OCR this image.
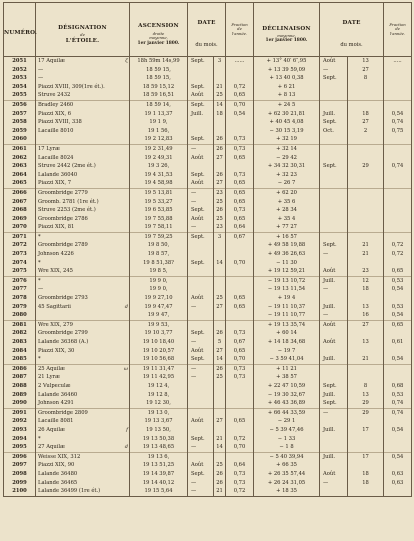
NUMÉRO.	DÉSIGNATION
de
L'ÉTOILE.	ASCENSION
droite
moyenne,
1er janvier 1800.	DATE
du mois.		Fraction
de
l'année.	DÉCLINAISON
moyenne,
1er janvier 1800.	DATE
du mois.		Fraction
de
l'année.

2051	17 Aquilæ ζ	18h 59m 14s,99	Sept.	3	......	+ 13° 40′ 6″,95	Août	13	.....
2052	—	18 59 15,				+ 13 39 59,09	—	27	
2053	—	18 59 15,				+ 13 40 0,38	Sept.	8	
2054	Piazzi XVIII, 309(1re ét.).	18 59 15,12	Sept.	21	0,72	+ 6 21			
2055	Struve 2432	18 59 16,51	Août	25	0,65	+ 8 13			
2056	Bradley 2460	18 59 14,	Sept.	14	0,70	+ 24 5			
2057	Piazzi XIX, 6	19 1 13,37	Juill.	18	0,54	+ 62 30 21,81	Juill.	18	0,54
2058	Piazzi XVIII, 338	19 1 9,				+ 40 45 4,08	Sept.	27	0,74
2059	Lacaille 8010	19 1 56,				− 30 15 3,19	Oct.	2	0,75
2060		19 2 12,83	Sept.	26	0,73	+ 32 19			
2061	17 Lyræ	19 2 31,49	—	26	0,73	+ 32 14			
2062	Lacaille 8024	19 2 49,31	Août	27	0,65	− 29 42			
2063	Struve 2442 (2me ét.)	19 3 26,				+ 34 32 30,31	Sept.	29	0,74
2064	Lalande 36040	19 4 31,53	Sept.	26	0,73	+ 32 23			
2065	Piazzi XIX, 7	19 4 58,98	Août	27	0,65	− 26 7			
2066	Groombridge 2779	19 5 13,81	—	23	0,65	+ 62 20			
2067	Groomb. 2781 (1re ét.)	19 5 33,27	—	25	0,65	+ 35 6			
2068	Struve 2253 (2me ét.)	19 6 53,85	Sept.	26	0,73	+ 28 34			
2069	Groombridge 2786	19 7 55,88	Août	25	0,65	+ 35 4			
2070	Piazzi XIX, 81	19 7 58,11	—	23	0,64	+ 77 27			
2071	*	19 7 59,25	Sept.	3	0,67	+ 16 57			
2072	Groombridge 2789	19 8 50,				+ 49 58 19,88	Sept.	21	0,72
2073	Johnson 4226	19 8 57,				+ 49 36 26,63	—	21	0,72
2074	*	19 8 51,38?	Sept.	14	0,70	− 11 30			
2075	Wre XIX, 245	19 8 5,				+ 19 12 59,21	Août	23	0,65
2076	*	19 9 0,				− 19 13 10,72	Juill.	12	0,53
2077	—	19 9 0,				− 19 13 11,54	—	18	0,54
2078	Groombridge 2793	19 9 27,10	Août	25	0,65	+ 19 4			
2079	45 Sagittarii d	19 9 47,47	—	27	0,65	− 19 11 10,37	Juill.	13	0,53
2080		19 9 47,				− 19 11 10,77	—	16	0,54
2081	Wre XIX, 279	19 9 53,				+ 19 13 35,74	Août	27	0,65
2082	Groombridge 2799	19 10 3,77	Sept.	26	0,73	+ 60 14			
2083	Lalande 36368 (A.)	19 10 18,40	—	5	0,67	+ 14 18 34,68	Août	13	0,61
2084	Piazzi XIX, 30	19 10 20,57	Août	27	0,65	− 19 7			
2085	*	19 10 56,68	Sept.	14	0,70	− 3 59 41,04	Juill.	21	0,54
2086	25 Aquilæ ω	19 11 31,47	—	26	0,73	+ 11 21			
2087	21 Lyræ	19 11 42,95	—	25	0,73	+ 38 57			
2088	2 Vulpeculæ	19 12 4,				+ 22 47 10,59	Sept.	8	0,68
2089	Lalande 36460	19 12 8,				− 19 30 32,67	Juill.	13	0,53
2090	Johnson 4291	19 12 30,				+ 46 43 36,89	Sept.	29	0,74
2091	Groombridge 2809	19 13 0,				+ 66 44 33,59	—	29	0,74
2092	Lacaille 8081	19 13 3,67	Août	27	0,65	− 29 1			
2093	26 Aquilæ f	19 13 50,				− 5 39 47,46	Juill.	17	0,54
2094	*	19 13 50,38	Sept.	21	0,72	− 1 33			
2095	27 Aquilæ d	19 13 48,65	—	14	0,70	− 1 8			
2096	Weisse XIX, 312	19 13 6,				− 5 40 39,94	Juill.	17	0,54
2097	Piazzi XIX, 90	19 13 51,25	Août	25	0,64	+ 66 35			
2098	Lalande 36480	19 14 39,87	Sept.	26	0,73	+ 26 35 57,44	Août	18	0,63
2099	Lalande 36465	19 14 40,12	—	26	0,73	+ 26 24 31,05	—	18	0,63
2100	Lalande 36499 (1re ét.)	19 15 5,64	—	21	0,72	+ 18 35			
